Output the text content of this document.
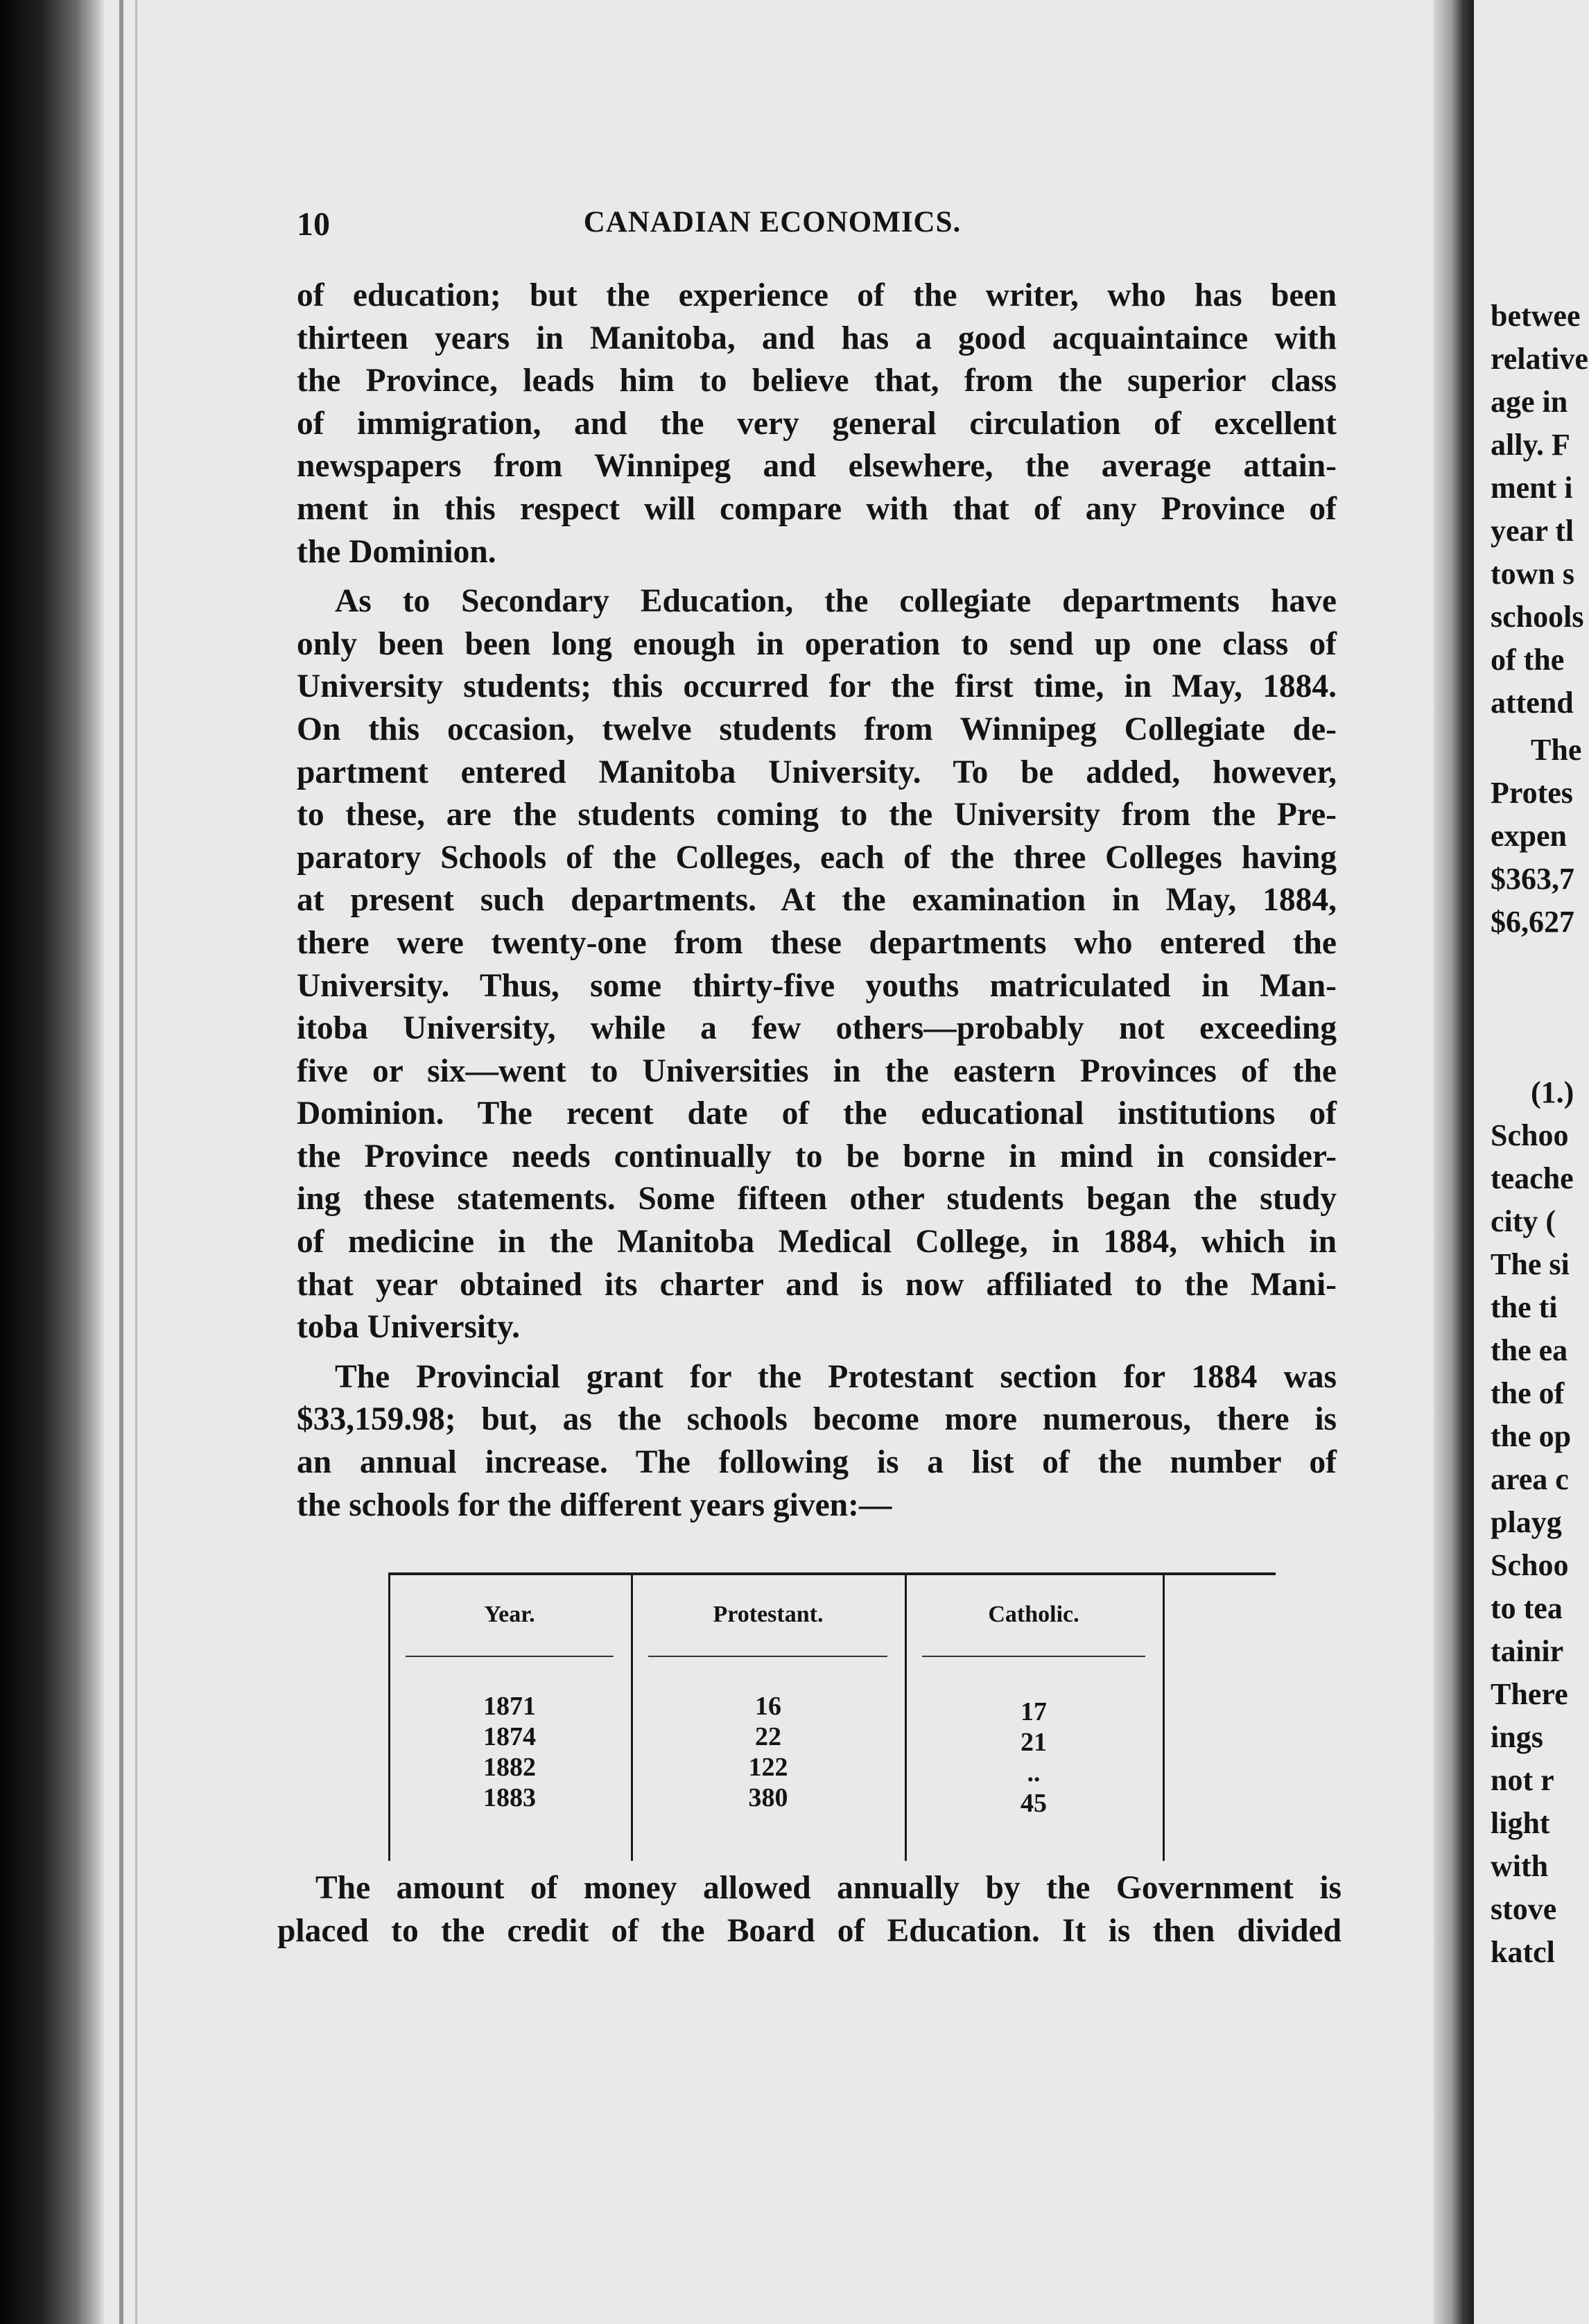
10	CANADIAN ECONOMICS.
of education; but the experience of the writer, who has been
thirteen years in Manitoba, and has a good acquaintaince with
the Province, leads him to believe that, from the superior class
of immigration, and the very general circulation of excellent
newspapers from Winnipeg and elsewhere, the average attain-
ment in this respect will compare with that of any Province of
the Dominion.
As to Secondary Education, the collegiate departments have
only been been long enough in operation to send up one class of
University students; this occurred for the first time, in May, 1884.
On this occasion, twelve students from Winnipeg Collegiate de-
partment entered Manitoba University. To be added, however,
to these, are the students coming to the University from the Pre-
paratory Schools of the Colleges, each of the three Colleges having
at present such departments. At the examination in May, 1884,
there were twenty-one from these departments who entered the
University. Thus, some thirty-five youths matriculated in Man-
itoba University, while a few others—probably not exceeding
five or six—went to Universities in the eastern Provinces of the
Dominion. The recent date of the educational institutions of
the Province needs continually to be borne in mind in consider-
ing these statements. Some fifteen other students began the study
of medicine in the Manitoba Medical College, in 1884, which in
that year obtained its charter and is now affiliated to the Mani-
toba University.
The Provincial grant for the Protestant section for 1884 was
$33,159.98; but, as the schools become more numerous, there is
an annual increase. The following is a list of the number of
the schools for the different years given:—
Year.	Protestant.	Catholic.
1871	16	17
1874	22	21
1882	122	..
1883	380	45
The amount of money allowed annually by the Government is
placed to the credit of the Board of Education. It is then divided
betwee
relative
age in
ally. F
ment i
year tl
town s
schools
of the
attend
The
Protes
expen
$363,7
$6,627
(1.)
Schoo
teache
city (
The si
the ti
the ea
the of
the op
area c
playg
Schoo
to tea
tainir
There
ings
not r
light
with
stove
katcl
